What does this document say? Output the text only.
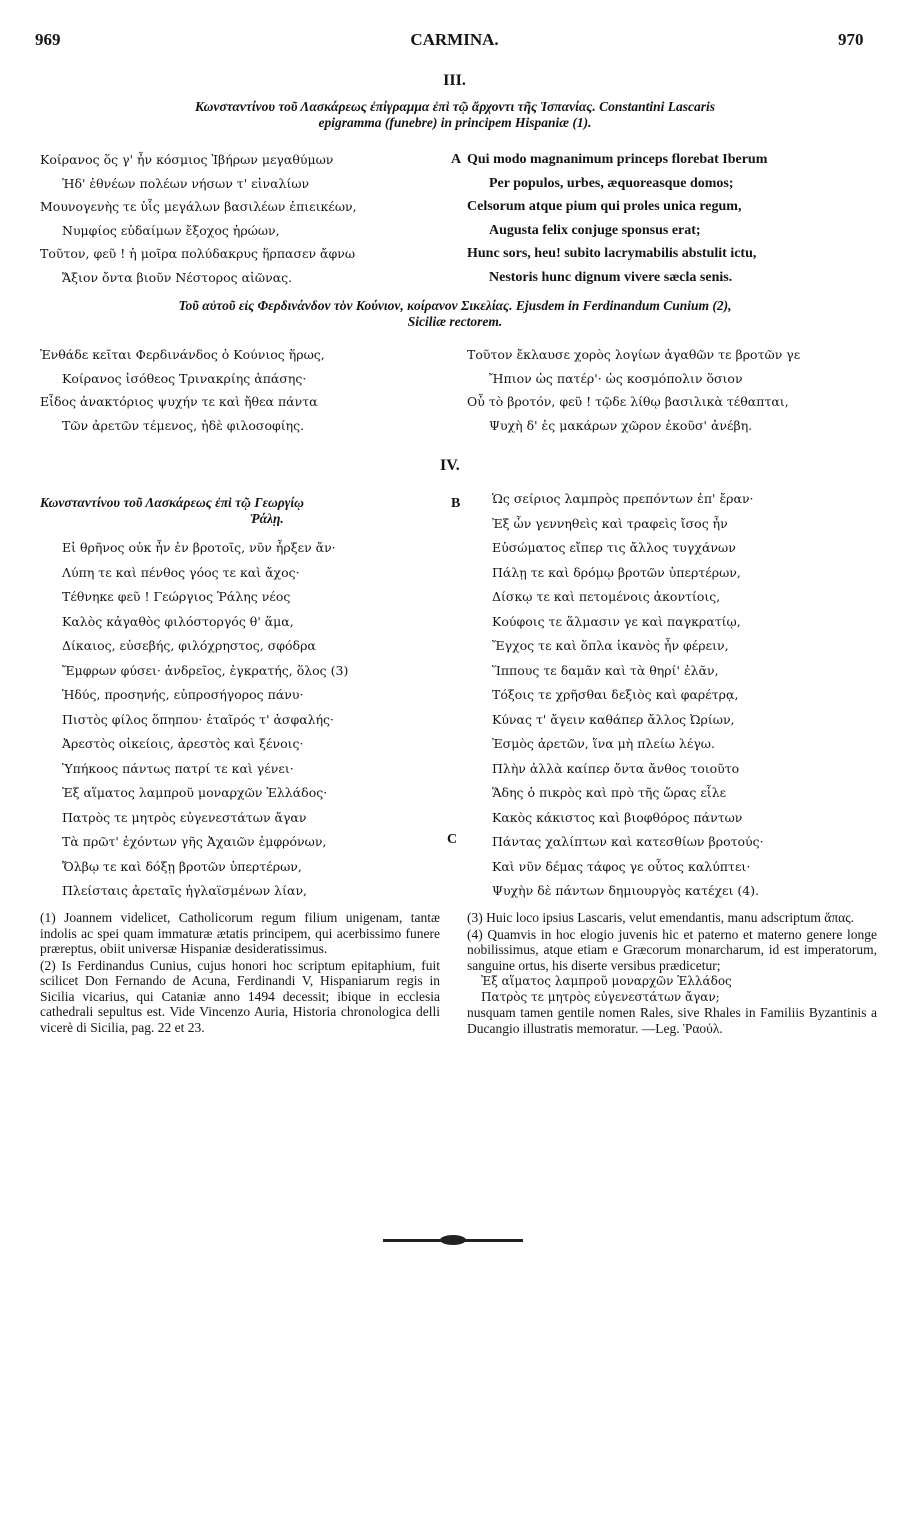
969	CARMINA.	970
III.
Κωνσταντίνου τοῦ Λασκάρεως ἐπίγραμμα ἐπὶ τῷ ἄρχοντι τῆς Ἱσπανίας. Constantini Lascaris
epigramma (funebre) in principem Hispaniæ (1).
Κοίρανος ὅς γ' ἦν κόσμιος Ἰβήρων μεγαθύμων
Ἠδ' ἐθνέων πολέων νήσων τ' εἰναλίων
Μουνογενὴς τε ὑἷς μεγάλων βασιλέων ἐπιεικέων,
Νυμφίος εὐδαίμων ἔξοχος ἡρώων,
Τοῦτον, φεῦ ! ἡ μοῖρα πολύδακρυς ἥρπασεν ἄφνω
Ἄξιον ὄντα βιοῦν Νέστορος αἰῶνας.
A Qui modo magnanimum princeps florebat Iberum
Per populos, urbes, æquoreasque domos;
Celsorum atque pium qui proles unica regum,
Augusta felix conjuge sponsus erat;
Hunc sors, heu! subito lacrymabilis abstulit ictu,
Nestoris hunc dignum vivere sæcla senis.
Τοῦ αὐτοῦ εἰς Φερδινάνδον τὸν Κούνιον, κοίρανον Σικελίας. Ejusdem in Ferdinandum Cunium (2),
Siciliæ rectorem.
Ἐνθάδε κεῖται Φερδινάνδος ὁ Κούνιος ἥρως,
Κοίρανος ἰσόθεος Τρινακρίης ἁπάσης·
Εἶδος ἀνακτόριος ψυχήν τε καὶ ἤθεα πάντα
Τῶν ἀρετῶν τέμενος, ἠδὲ φιλοσοφίης.
Τοῦτον ἔκλαυσε χορὸς λογίων ἀγαθῶν τε βροτῶν γε
Ἤπιον ὡς πατέρ'· ὡς κοσμόπολιν ὅσιον
Οὗ τὸ βροτόν, φεῦ ! τῷδε λίθῳ βασιλικὰ τέθαπται,
Ψυχὴ δ' ἐς μακάρων χῶρον ἐκοῦσ' ἀνέβη.
IV.
Κωνσταντίνου τοῦ Λασκάρεως ἐπὶ τῷ Γεωργίῳ
Ῥάλῃ.
B
C
Εἰ θρῆνος οὐκ ἦν ἐν βροτοῖς, νῦν ἦρξεν ἄν·
Λύπη τε καὶ πένθος γόος τε καὶ ἄχος·
Τέθνηκε φεῦ ! Γεώργιος Ῥάλης νέος
Καλὸς κἀγαθὸς φιλόστοργός θ' ἅμα,
Δίκαιος, εὐσεβής, φιλόχρηστος, σφόδρα
Ἔμφρων φύσει· ἀνδρεῖος, ἐγκρατής, ὅλος (3)
Ἡδύς, προσηνής, εὐπροσήγορος πάνυ·
Πιστὸς φίλος ὅπηπου· ἑταῖρός τ' ἀσφαλής·
Ἀρεστὸς οἰκείοις, ἀρεστὸς καὶ ξένοις·
Ὑπήκοος πάντως πατρί τε καὶ γένει·
Ἐξ αἵματος λαμπροῦ μοναρχῶν Ἑλλάδος·
Πατρὸς τε μητρὸς εὐγενεστάτων ἄγαν
Τὰ πρῶτ' ἐχόντων γῆς Ἀχαιῶν ἐμφρόνων,
Ὄλβῳ τε καὶ δόξῃ βροτῶν ὑπερτέρων,
Πλείσταις ἀρεταῖς ἠγλαϊσμένων λίαν,
Ὡς σείριος λαμπρὸς πρεπόντων ἐπ' ἔραν·
Ἐξ ὧν γεννηθεὶς καὶ τραφεὶς ἴσος ἦν
Εὐσώματος εἴπερ τις ἄλλος τυγχάνων
Πάλῃ τε καὶ δρόμῳ βροτῶν ὑπερτέρων,
Δίσκῳ τε καὶ πετομένοις ἀκοντίοις,
Κούφοις τε ἅλμασιν γε καὶ παγκρατίῳ,
Ἔγχος τε καὶ ὅπλα ἱκανὸς ἦν φέρειν,
Ἵππους τε δαμᾶν καὶ τὰ θηρί' ἐλᾶν,
Τόξοις τε χρῆσθαι δεξιὸς καὶ φαρέτρᾳ,
Κύνας τ' ἄγειν καθάπερ ἄλλος Ὠρίων,
Ἐσμὸς ἀρετῶν, ἵνα μὴ πλείω λέγω.
Πλὴν ἀλλὰ καίπερ ὄντα ἄνθος τοιοῦτο
Ἅδης ὁ πικρὸς καὶ πρὸ τῆς ὥρας εἷλε
Κακὸς κάκιστος καὶ βιοφθόρος πάντων
Πάντας χαλίπτων καὶ κατεσθίων βροτούς·
Καὶ νῦν δέμας τάφος γε οὗτος καλύπτει·
Ψυχὴν δὲ πάντων δημιουργὸς κατέχει (4).

(1) Joannem videlicet, Catholicorum regum filium unigenam, tantæ indolis ac spei quam immaturæ ætatis principem, qui acerbissimo funere præreptus, obiit universæ Hispaniæ desideratissimus.

(2) Is Ferdinandus Cunius, cujus honori hoc scriptum epitaphium, fuit scilicet Don Fernando de Acuna, Ferdinandi V, Hispaniarum regis in Sicilia vicarius, qui Cataniæ anno 1494 decessit; ibique in ecclesia cathedrali sepultus est. Vide Vincenzo Auria, Historia chronologica delli vicerè di Sicilia, pag. 22 et 23.

(3) Huic loco ipsius Lascaris, velut emendantis, manu adscriptum ἅπας.

(4) Quamvis in hoc elogio juvenis hic et paterno et materno genere longe nobilissimus, atque etiam e Græcorum monarcharum, id est imperatorum, sanguine ortus, his diserte versibus prædicetur;

Ἐξ αἵματος λαμπροῦ μοναρχῶν Ἑλλάδος

Πατρὸς τε μητρὸς εὐγενεστάτων ἄγαν;

nusquam tamen gentile nomen Rales, sive Rhales in Familiis Byzantinis a Ducangio illustratis memoratur. —Leg. Ῥαούλ.
